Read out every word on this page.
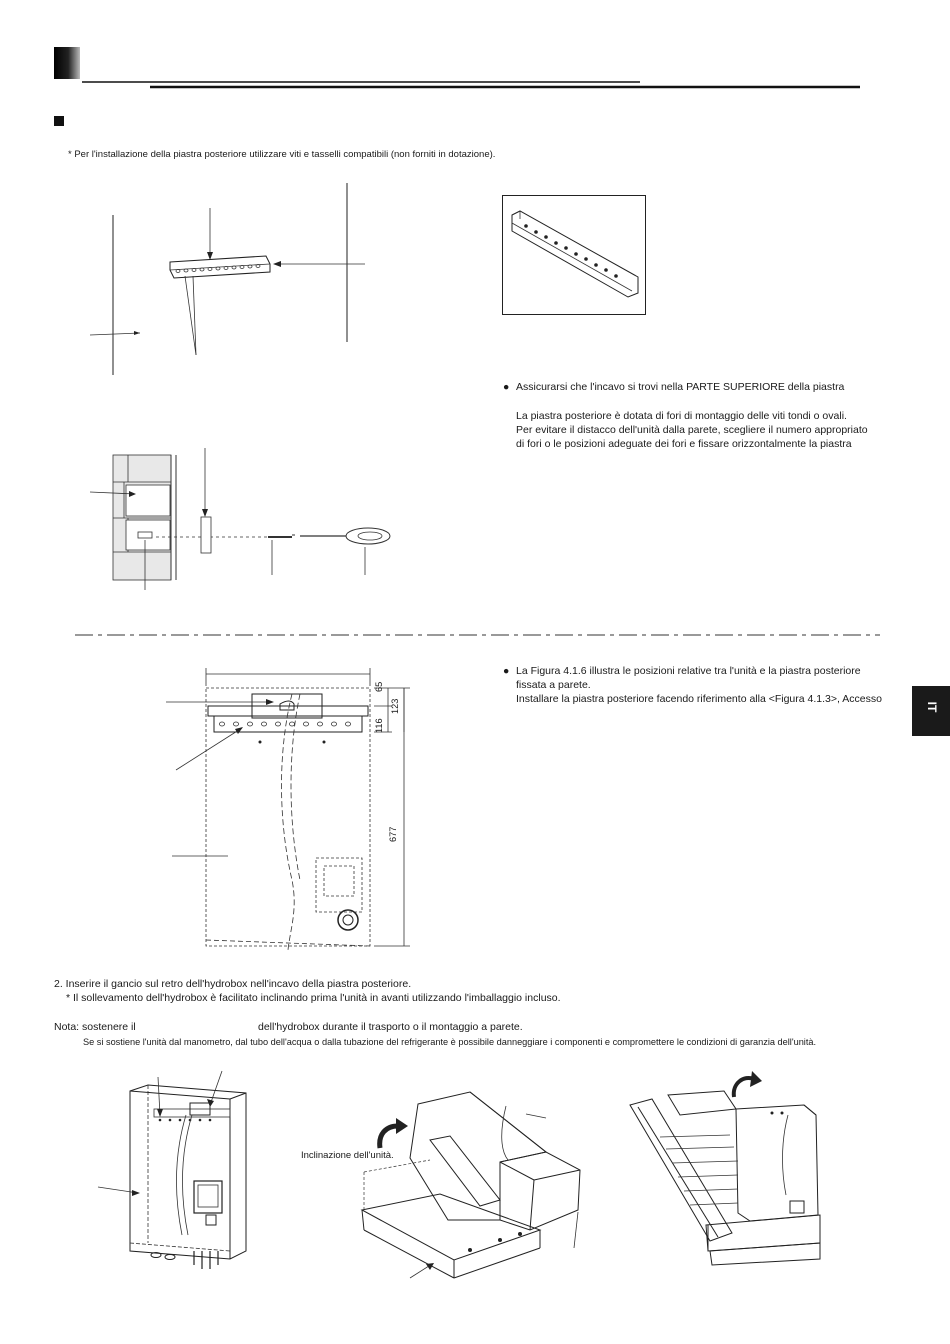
* Per l'installazione della piastra posteriore utilizzare viti e tasselli compatibili (non forniti in dotazione).
● Assicurarsi che l'incavo si trovi nella PARTE SUPERIORE della piastra
La piastra posteriore è dotata di fori di montaggio delle viti tondi o ovali.
Per evitare il distacco dell'unità dalla parete, scegliere il numero appropriato
di fori o le posizioni adeguate dei fori e fissare orizzontalmente la piastra
65
123
116
677
● La Figura 4.1.6 illustra le posizioni relative tra l'unità e la piastra posteriore
fissata a parete.
Installare la piastra posteriore facendo riferimento alla <Figura 4.1.3>, Accesso
IT
2. Inserire il gancio sul retro dell'hydrobox nell'incavo della piastra posteriore.
* Il sollevamento dell'hydrobox è facilitato inclinando prima l'unità in avanti utilizzando l'imballaggio incluso.
Nota: sostenere il	dell'hydrobox durante il trasporto o il montaggio a parete.
Se si sostiene l'unità dal manometro, dal tubo dell'acqua o dalla tubazione del refrigerante è possibile danneggiare i componenti e compromettere le condizioni di garanzia dell'unità.
Inclinazione dell'unità.
